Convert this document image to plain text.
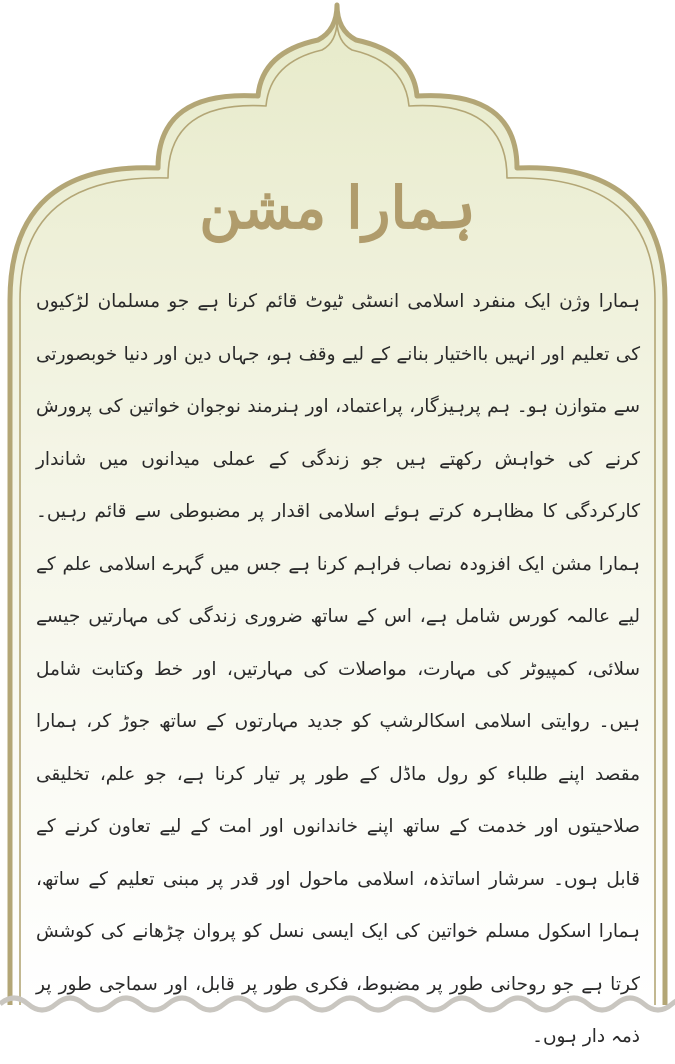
ہمارا مشن

ہمارا وژن ایک منفرد اسلامی انسٹی ٹیوٹ قائم کرنا ہے جو مسلمان لڑکیوں کی تعلیم اور انہیں بااختیار بنانے کے لیے وقف ہو، جہاں دین اور دنیا خوبصورتی سے متوازن ہو۔ ہم پرہیزگار، پراعتماد، اور ہنرمند نوجوان خواتین کی پرورش کرنے کی خواہش رکھتے ہیں جو زندگی کے عملی میدانوں میں شاندار کارکردگی کا مظاہرہ کرتے ہوئے اسلامی اقدار پر مضبوطی سے قائم رہیں۔ ہمارا مشن ایک افزودہ نصاب فراہم کرنا ہے جس میں گہرے اسلامی علم کے لیے عالمہ کورس شامل ہے، اس کے ساتھ ضروری زندگی کی مہارتیں جیسے سلائی، کمپیوٹر کی مہارت، مواصلات کی مہارتیں، اور خط وکتابت شامل ہیں۔ روایتی اسلامی اسکالرشپ کو جدید مہارتوں کے ساتھ جوڑ کر، ہمارا مقصد اپنے طلباء کو رول ماڈل کے طور پر تیار کرنا ہے، جو علم، تخلیقی صلاحیتوں اور خدمت کے ساتھ اپنے خاندانوں اور امت کے لیے تعاون کرنے کے قابل ہوں۔ سرشار اساتذہ، اسلامی ماحول اور قدر پر مبنی تعلیم کے ساتھ، ہمارا اسکول مسلم خواتین کی ایک ایسی نسل کو پروان چڑھانے کی کوشش کرتا ہے جو روحانی طور پر مضبوط، فکری طور پر قابل، اور سماجی طور پر ذمہ دار ہوں۔
